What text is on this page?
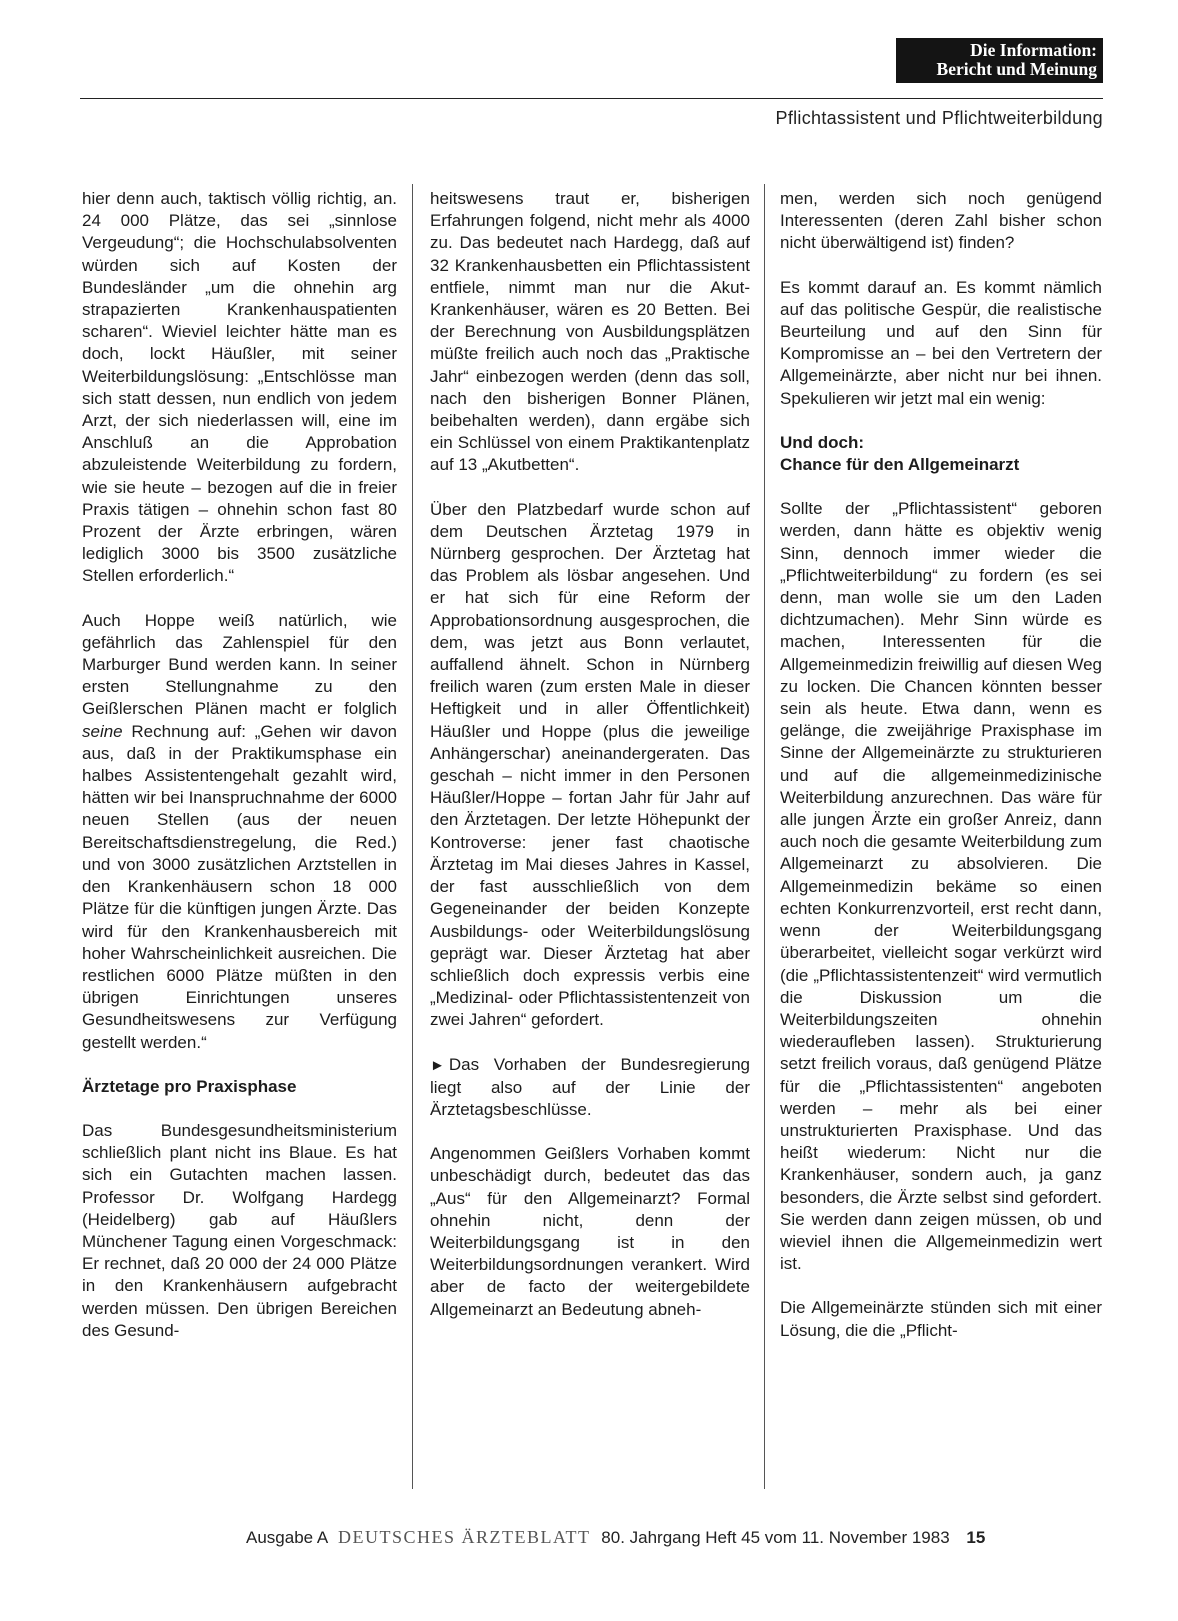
Die Information:
Bericht und Meinung
Pflichtassistent und Pflichtweiterbildung

hier denn auch, taktisch völlig richtig, an. 24 000 Plätze, das sei „sinnlose Vergeudung“; die Hochschulabsolventen würden sich auf Kosten der Bundesländer „um die ohnehin arg strapazierten Krankenhauspatienten scharen“. Wieviel leichter hätte man es doch, lockt Häußler, mit seiner Weiterbildungslösung: „Entschlösse man sich statt dessen, nun endlich von jedem Arzt, der sich niederlassen will, eine im Anschluß an die Approbation abzuleistende Weiterbildung zu fordern, wie sie heute – bezogen auf die in freier Praxis tätigen – ohnehin schon fast 80 Prozent der Ärzte erbringen, wären lediglich 3000 bis 3500 zusätzliche Stellen erforderlich.“

Auch Hoppe weiß natürlich, wie gefährlich das Zahlenspiel für den Marburger Bund werden kann. In seiner ersten Stellungnahme zu den Geißlerschen Plänen macht er folglich seine Rechnung auf: „Gehen wir davon aus, daß in der Praktikumsphase ein halbes Assistentengehalt gezahlt wird, hätten wir bei Inanspruchnahme der 6000 neuen Stellen (aus der neuen Bereitschaftsdienstregelung, die Red.) und von 3000 zusätzlichen Arztstellen in den Krankenhäusern schon 18 000 Plätze für die künftigen jungen Ärzte. Das wird für den Krankenhausbereich mit hoher Wahrscheinlichkeit ausreichen. Die restlichen 6000 Plätze müßten in den übrigen Einrichtungen unseres Gesundheitswesens zur Verfügung gestellt werden.“

Ärztetage pro Praxisphase

Das Bundesgesundheitsministerium schließlich plant nicht ins Blaue. Es hat sich ein Gutachten machen lassen. Professor Dr. Wolfgang Hardegg (Heidelberg) gab auf Häußlers Münchener Tagung einen Vorgeschmack: Er rechnet, daß 20 000 der 24 000 Plätze in den Krankenhäusern aufgebracht werden müssen. Den übrigen Bereichen des Gesund-

heitswesens traut er, bisherigen Erfahrungen folgend, nicht mehr als 4000 zu. Das bedeutet nach Hardegg, daß auf 32 Krankenhausbetten ein Pflichtassistent entfiele, nimmt man nur die Akut-Krankenhäuser, wären es 20 Betten. Bei der Berechnung von Ausbildungsplätzen müßte freilich auch noch das „Praktische Jahr“ einbezogen werden (denn das soll, nach den bisherigen Bonner Plänen, beibehalten werden), dann ergäbe sich ein Schlüssel von einem Praktikantenplatz auf 13 „Akutbetten“.

Über den Platzbedarf wurde schon auf dem Deutschen Ärztetag 1979 in Nürnberg gesprochen. Der Ärztetag hat das Problem als lösbar angesehen. Und er hat sich für eine Reform der Approbationsordnung ausgesprochen, die dem, was jetzt aus Bonn verlautet, auffallend ähnelt. Schon in Nürnberg freilich waren (zum ersten Male in dieser Heftigkeit und in aller Öffentlichkeit) Häußler und Hoppe (plus die jeweilige Anhängerschar) aneinandergeraten. Das geschah – nicht immer in den Personen Häußler/Hoppe – fortan Jahr für Jahr auf den Ärztetagen. Der letzte Höhepunkt der Kontroverse: jener fast chaotische Ärztetag im Mai dieses Jahres in Kassel, der fast ausschließlich von dem Gegeneinander der beiden Konzepte Ausbildungs- oder Weiterbildungslösung geprägt war. Dieser Ärztetag hat aber schließlich doch expressis verbis eine „Medizinal- oder Pflichtassistentenzeit von zwei Jahren“ gefordert.

► Das Vorhaben der Bundesregierung liegt also auf der Linie der Ärztetagsbeschlüsse.

Angenommen Geißlers Vorhaben kommt unbeschädigt durch, bedeutet das das „Aus“ für den Allgemeinarzt? Formal ohnehin nicht, denn der Weiterbildungsgang ist in den Weiterbildungsordnungen verankert. Wird aber de facto der weitergebildete Allgemeinarzt an Bedeutung abneh-

men, werden sich noch genügend Interessenten (deren Zahl bisher schon nicht überwältigend ist) finden?

Es kommt darauf an. Es kommt nämlich auf das politische Gespür, die realistische Beurteilung und auf den Sinn für Kompromisse an – bei den Vertretern der Allgemeinärzte, aber nicht nur bei ihnen. Spekulieren wir jetzt mal ein wenig:

Und doch:
Chance für den Allgemeinarzt

Sollte der „Pflichtassistent“ geboren werden, dann hätte es objektiv wenig Sinn, dennoch immer wieder die „Pflichtweiterbildung“ zu fordern (es sei denn, man wolle sie um den Laden dichtzumachen). Mehr Sinn würde es machen, Interessenten für die Allgemeinmedizin freiwillig auf diesen Weg zu locken. Die Chancen könnten besser sein als heute. Etwa dann, wenn es gelänge, die zweijährige Praxisphase im Sinne der Allgemeinärzte zu strukturieren und auf die allgemeinmedizinische Weiterbildung anzurechnen. Das wäre für alle jungen Ärzte ein großer Anreiz, dann auch noch die gesamte Weiterbildung zum Allgemeinarzt zu absolvieren. Die Allgemeinmedizin bekäme so einen echten Konkurrenzvorteil, erst recht dann, wenn der Weiterbildungsgang überarbeitet, vielleicht sogar verkürzt wird (die „Pflichtassistentenzeit“ wird vermutlich die Diskussion um die Weiterbildungszeiten ohnehin wiederaufleben lassen). Strukturierung setzt freilich voraus, daß genügend Plätze für die „Pflichtassistenten“ angeboten werden – mehr als bei einer unstrukturierten Praxisphase. Und das heißt wiederum: Nicht nur die Krankenhäuser, sondern auch, ja ganz besonders, die Ärzte selbst sind gefordert. Sie werden dann zeigen müssen, ob und wieviel ihnen die Allgemeinmedizin wert ist.

Die Allgemeinärzte stünden sich mit einer Lösung, die die „Pflicht-

Ausgabe A DEUTSCHES ÄRZTEBLATT 80. Jahrgang Heft 45 vom 11. November 1983 15
